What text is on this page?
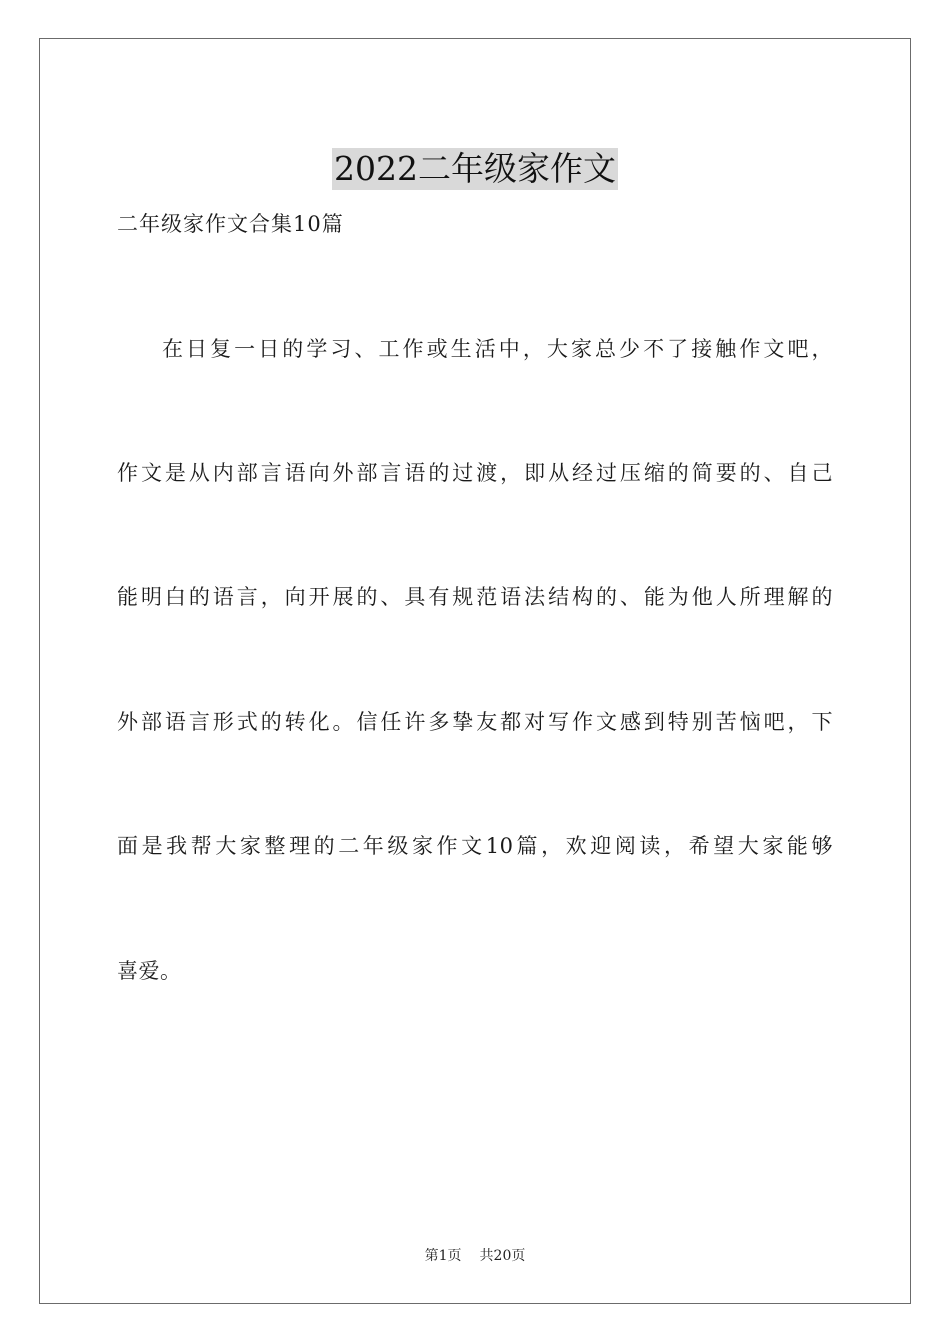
2022二年级家作文
二年级家作文合集10篇
在日复一日的学习、工作或生活中，大家总少不了接触作文吧，
作文是从内部言语向外部言语的过渡，即从经过压缩的简要的、自己
能明白的语言，向开展的、具有规范语法结构的、能为他人所理解的
外部语言形式的转化。信任许多挚友都对写作文感到特别苦恼吧，下
面是我帮大家整理的二年级家作文10篇，欢迎阅读，希望大家能够
喜爱。
第1页 共20页
